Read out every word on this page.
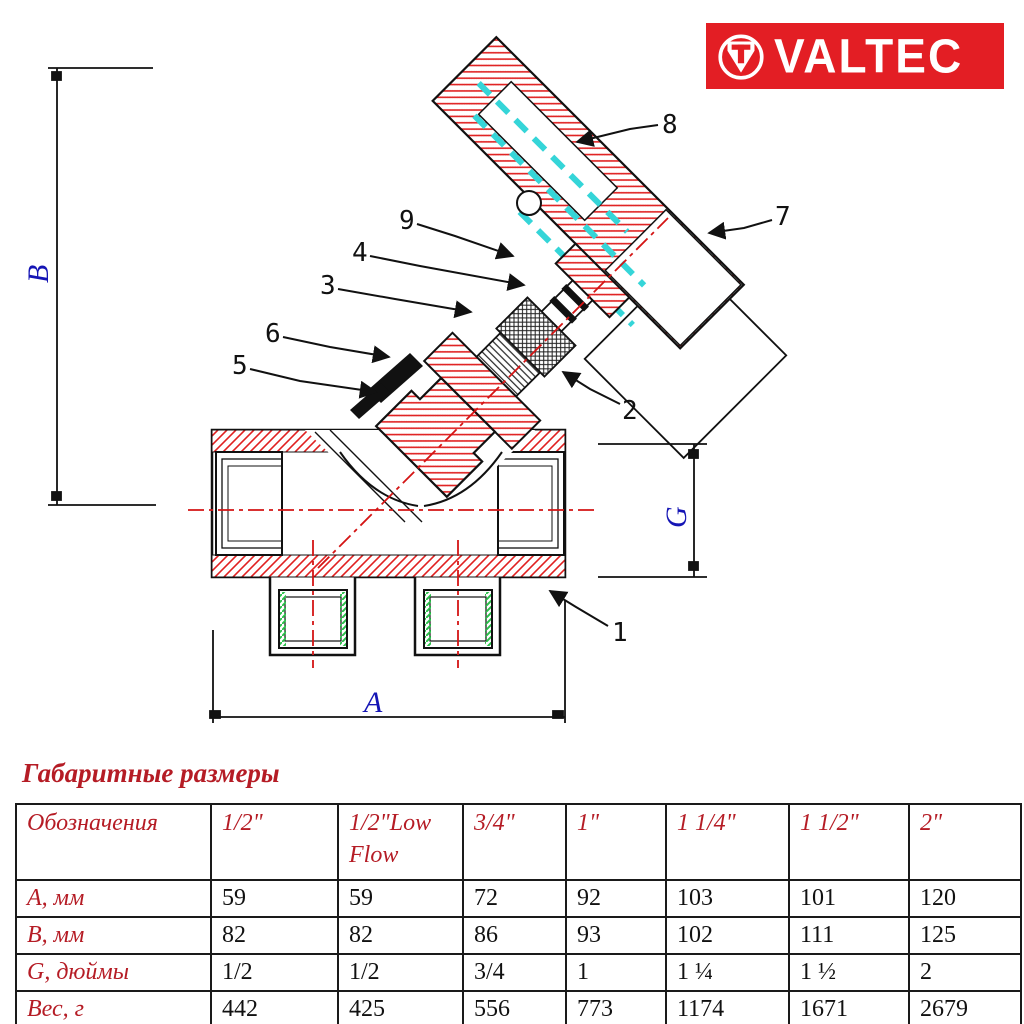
A
B
G
1
2
3
4
5
6
7
8
9
VALTEC
Габаритные размеры
Обозначения	1/2"	1/2"Low Flow	3/4"	1"	1 1/4"	1 1/2"	2"
А, мм	59	59	72	92	103	101	120
В, мм	82	82	86	93	102	111	125
G, дюймы	1/2	1/2	3/4	1	1 ¼	1 ½	2
Вес, г	442	425	556	773	1174	1671	2679
